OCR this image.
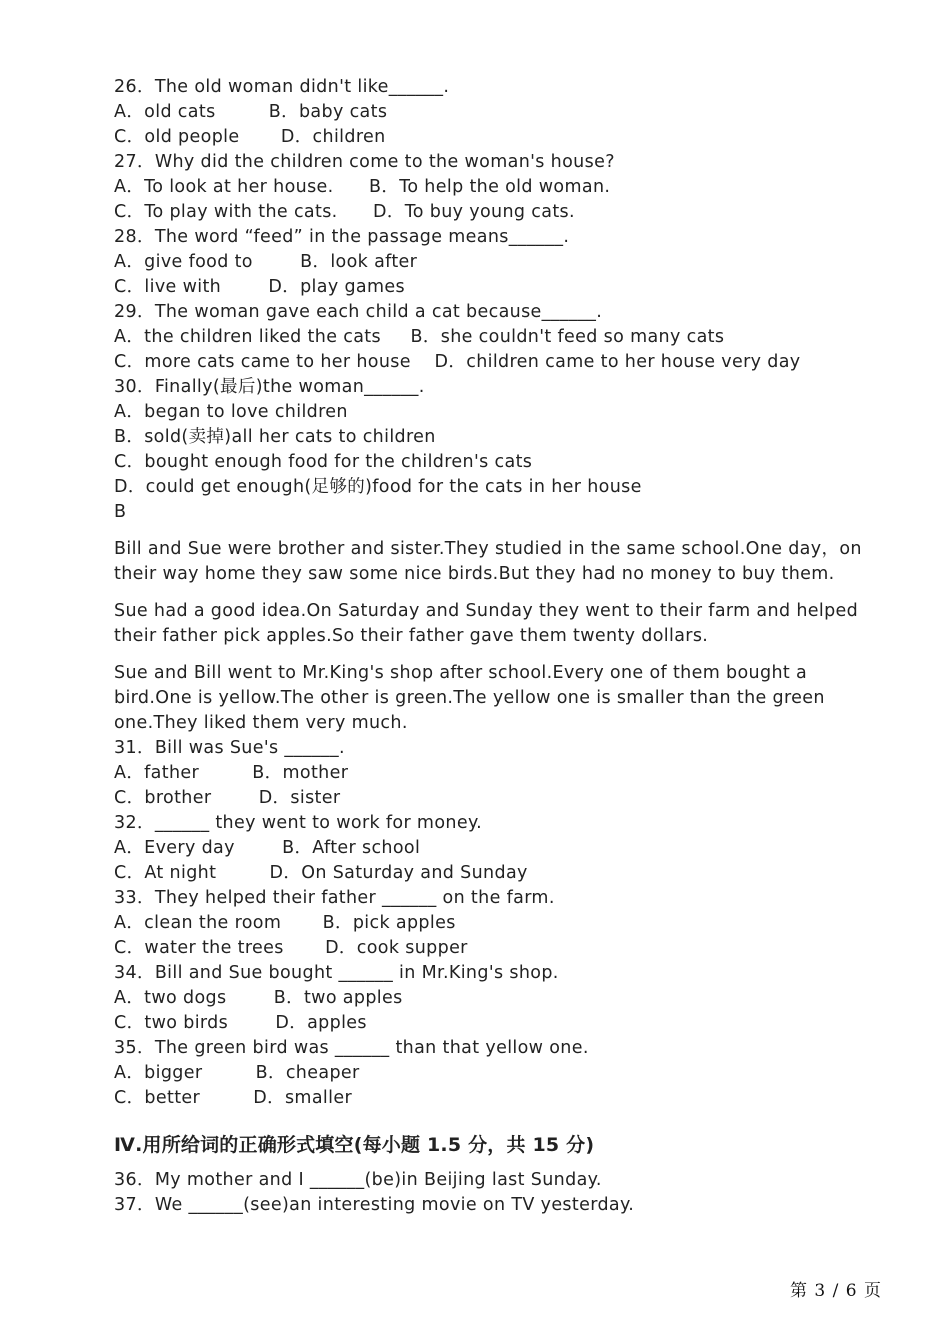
26．The old woman didn't like______.
A．old cats         B．baby cats
C．old people       D．children
27．Why did the children come to the woman's house?
A．To look at her house.      B．To help the old woman.
C．To play with the cats.      D．To buy young cats.
28．The word “feed” in the passage means______.
A．give food to        B．look after
C．live with        D．play games
29．The woman gave each child a cat because______.
A．the children liked the cats     B．she couldn't feed so many cats
C．more cats came to her house    D．children came to her house very day
30．Finally(最后)the woman______.
A．began to love children
B．sold(卖掉)all her cats to children
C．bought enough food for the children's cats
D．could get enough(足够的)food for the cats in her house
B
Bill and Sue were brother and sister.They studied in the same school.One day，on their way home they saw some nice birds.But they had no money to buy them.
Sue had a good idea.On Saturday and Sunday they went to their farm and helped their father pick apples.So their father gave them twenty dollars.
Sue and Bill went to Mr.King's shop after school.Every one of them bought a bird.One is yellow.The other is green.The yellow one is smaller than the green one.They liked them very much.
31．Bill was Sue's ______.
A．father         B．mother
C．brother        D．sister
32．______ they went to work for money.
A．Every day        B．After school
C．At night         D．On Saturday and Sunday
33．They helped their father ______ on the farm.
A．clean the room       B．pick apples
C．water the trees       D．cook supper
34．Bill and Sue bought ______ in Mr.King's shop.
A．two dogs        B．two apples
C．two birds        D．apples
35．The green bird was ______ than that yellow one.
A．bigger         B．cheaper
C．better         D．smaller
Ⅳ.用所给词的正确形式填空(每小题 1.5 分，共 15 分)
36．My mother and I ______(be)in Beijing last Sunday.
37．We ______(see)an interesting movie on TV yesterday.
第 3 / 6 页
